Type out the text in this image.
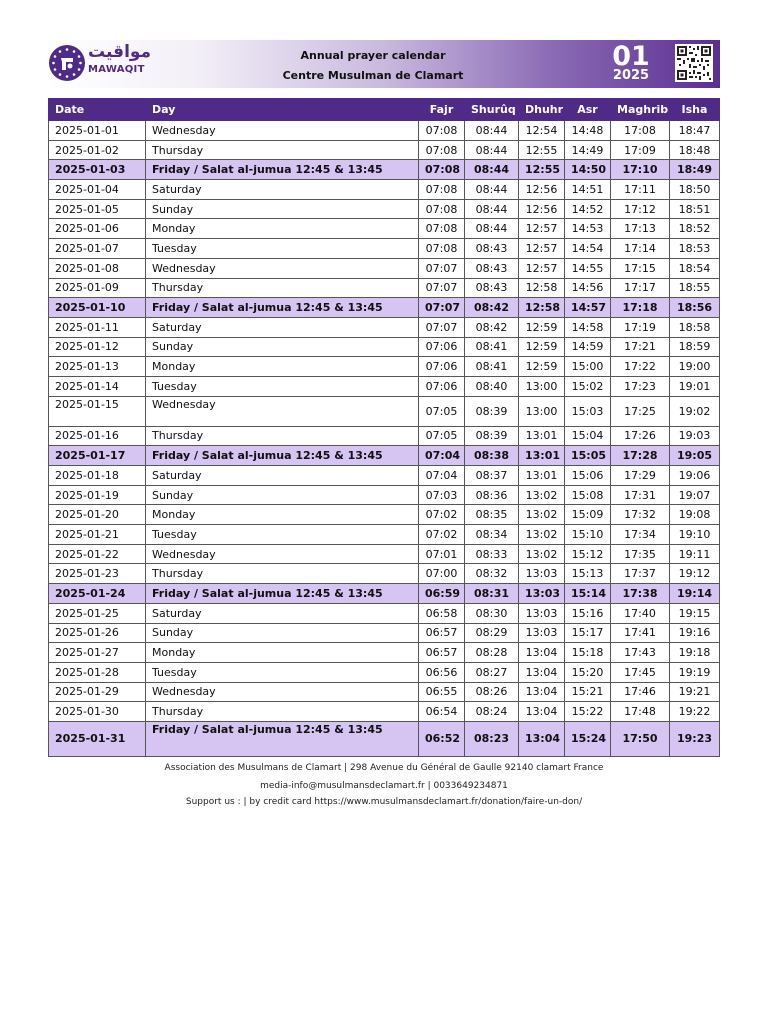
مواقيت
MAWAQIT
Annual prayer calendar
Centre Musulman de Clamart
01
2025
Date	Day	Fajr	Shurûq	Dhuhr	Asr	Maghrib	Isha
2025-01-01	Wednesday	07:08	08:44	12:54	14:48	17:08	18:47
2025-01-02	Thursday	07:08	08:44	12:55	14:49	17:09	18:48
2025-01-03	Friday / Salat al-jumua 12:45 & 13:45	07:08	08:44	12:55	14:50	17:10	18:49
2025-01-04	Saturday	07:08	08:44	12:56	14:51	17:11	18:50
2025-01-05	Sunday	07:08	08:44	12:56	14:52	17:12	18:51
2025-01-06	Monday	07:08	08:44	12:57	14:53	17:13	18:52
2025-01-07	Tuesday	07:08	08:43	12:57	14:54	17:14	18:53
2025-01-08	Wednesday	07:07	08:43	12:57	14:55	17:15	18:54
2025-01-09	Thursday	07:07	08:43	12:58	14:56	17:17	18:55
2025-01-10	Friday / Salat al-jumua 12:45 & 13:45	07:07	08:42	12:58	14:57	17:18	18:56
2025-01-11	Saturday	07:07	08:42	12:59	14:58	17:19	18:58
2025-01-12	Sunday	07:06	08:41	12:59	14:59	17:21	18:59
2025-01-13	Monday	07:06	08:41	12:59	15:00	17:22	19:00
2025-01-14	Tuesday	07:06	08:40	13:00	15:02	17:23	19:01
2025-01-15	Wednesday	07:05	08:39	13:00	15:03	17:25	19:02
2025-01-16	Thursday	07:05	08:39	13:01	15:04	17:26	19:03
2025-01-17	Friday / Salat al-jumua 12:45 & 13:45	07:04	08:38	13:01	15:05	17:28	19:05
2025-01-18	Saturday	07:04	08:37	13:01	15:06	17:29	19:06
2025-01-19	Sunday	07:03	08:36	13:02	15:08	17:31	19:07
2025-01-20	Monday	07:02	08:35	13:02	15:09	17:32	19:08
2025-01-21	Tuesday	07:02	08:34	13:02	15:10	17:34	19:10
2025-01-22	Wednesday	07:01	08:33	13:02	15:12	17:35	19:11
2025-01-23	Thursday	07:00	08:32	13:03	15:13	17:37	19:12
2025-01-24	Friday / Salat al-jumua 12:45 & 13:45	06:59	08:31	13:03	15:14	17:38	19:14
2025-01-25	Saturday	06:58	08:30	13:03	15:16	17:40	19:15
2025-01-26	Sunday	06:57	08:29	13:03	15:17	17:41	19:16
2025-01-27	Monday	06:57	08:28	13:04	15:18	17:43	19:18
2025-01-28	Tuesday	06:56	08:27	13:04	15:20	17:45	19:19
2025-01-29	Wednesday	06:55	08:26	13:04	15:21	17:46	19:21
2025-01-30	Thursday	06:54	08:24	13:04	15:22	17:48	19:22
2025-01-31	Friday / Salat al-jumua 12:45 & 13:45	06:52	08:23	13:04	15:24	17:50	19:23
Association des Musulmans de Clamart | 298 Avenue du Général de Gaulle 92140 clamart France
media-info@musulmansdeclamart.fr | 0033649234871
Support us : | by credit card https://www.musulmansdeclamart.fr/donation/faire-un-don/
